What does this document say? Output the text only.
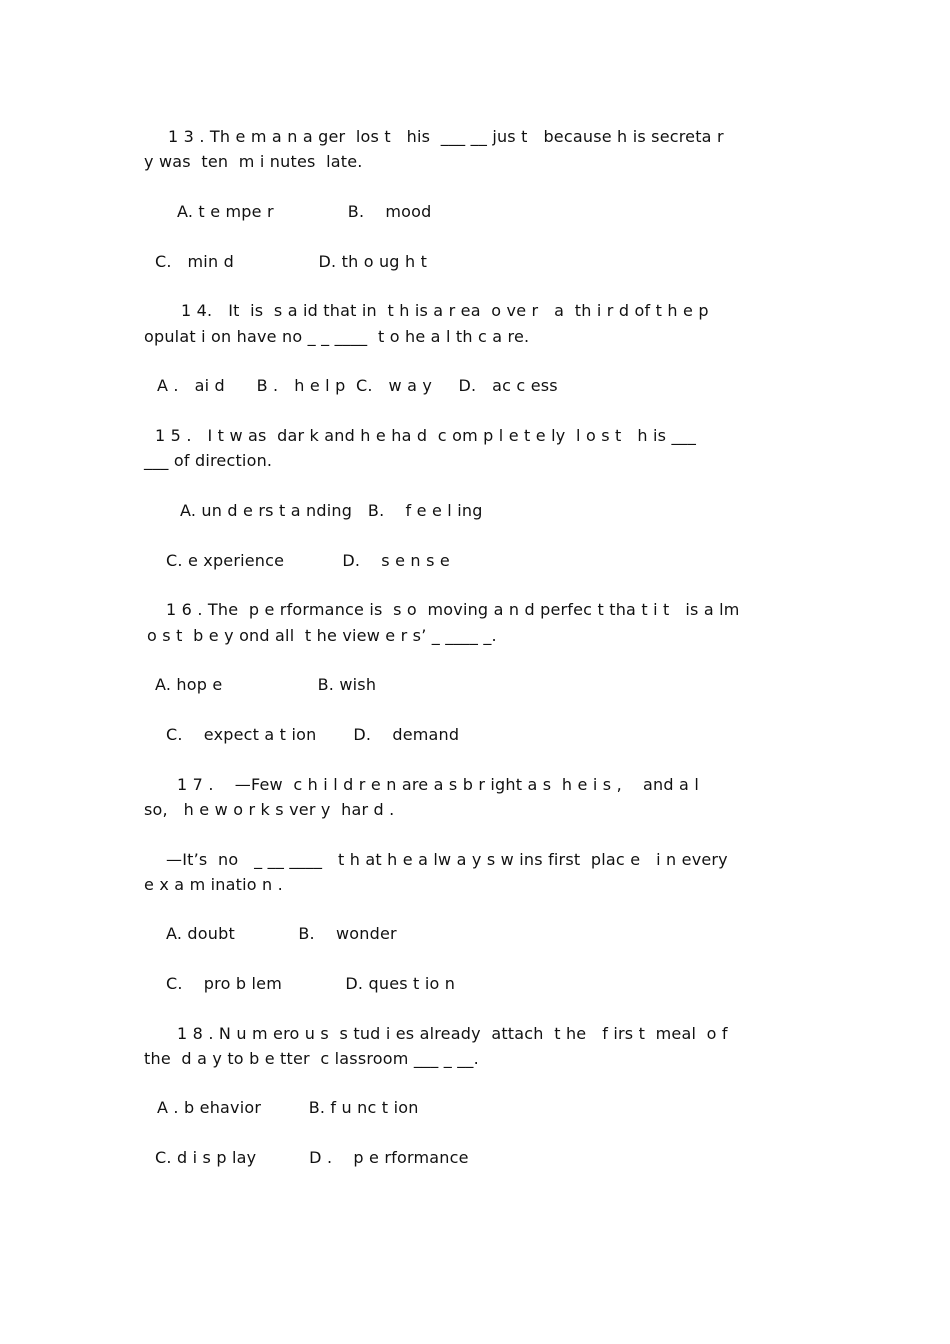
1 3 . Th e m a n a ger  los t   his  ___ __ jus t   because h is secreta r
y was  ten  m i nutes  late.
A. t e mpe r              B.    mood
C.   min d                D. th o ug h t
1 4.   It  is  s a id that in  t h is a r ea  o ve r   a  th i r d of t h e p
opulat i on have no _ _ ____  t o he a l th c a re.
A .   ai d      B .   h e l p  C.   w a y     D.   ac c ess
1 5 .   I t w as  dar k and h e ha d  c om p l e t e ly  l o s t   h is ___
___ of direction.
A. un d e rs t a nding   B.    f e e l ing
C. e xperience           D.    s e n s e
1 6 . The  p e rformance is  s o  moving a n d perfec t tha t i t   is a lm
o s t  b e y ond all  t he view e r s’ _ ____ _.
A. hop e                  B. wish
C.    expect a t ion       D.    demand
1 7 .    —Few  c h i l d r e n are a s b r ight a s  h e i s ,    and a l
so,   h e w o r k s ver y  har d .
—It’s  no   _ __ ____   t h at h e a lw a y s w ins first  plac e   i n every
e x a m inatio n .
A. doubt            B.    wonder
C.    pro b lem            D. ques t io n
1 8 . N u m ero u s  s tud i es already  attach  t he   f irs t  meal  o f
the  d a y to b e tter  c lassroom ___ _ __.
A . b ehavior         B. f u nc t ion
C. d i s p lay          D .    p e rformance
